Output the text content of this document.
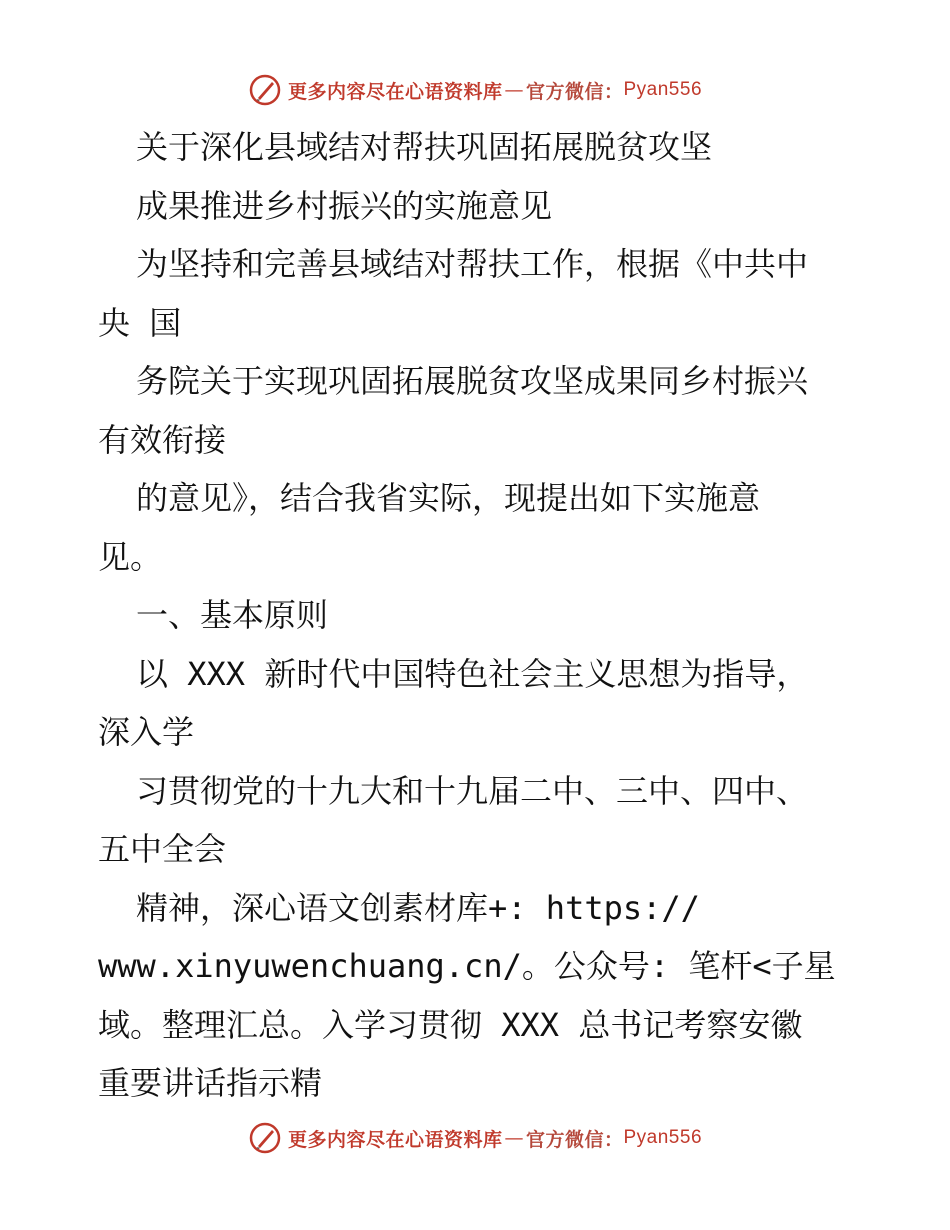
更多内容尽在心语资料库 — 官方微信： Pyan556
关于深化县域结对帮扶巩固拓展脱贫攻坚
成果推进乡村振兴的实施意见
为坚持和完善县域结对帮扶工作，根据《中共中
央 国
务院关于实现巩固拓展脱贫攻坚成果同乡村振兴
有效衔接
的意见》，结合我省实际，现提出如下实施意
见。
一、基本原则
以 XXX 新时代中国特色社会主义思想为指导，
深入学
习贯彻党的十九大和十九届二中、三中、四中、
五中全会
精神，深心语文创素材库+: https://
www.xinyuwenchuang.cn/。公众号: 笔杆<子星
域。整理汇总。入学习贯彻 XXX 总书记考察安徽
重要讲话指示精
更多内容尽在心语资料库 — 官方微信： Pyan556
